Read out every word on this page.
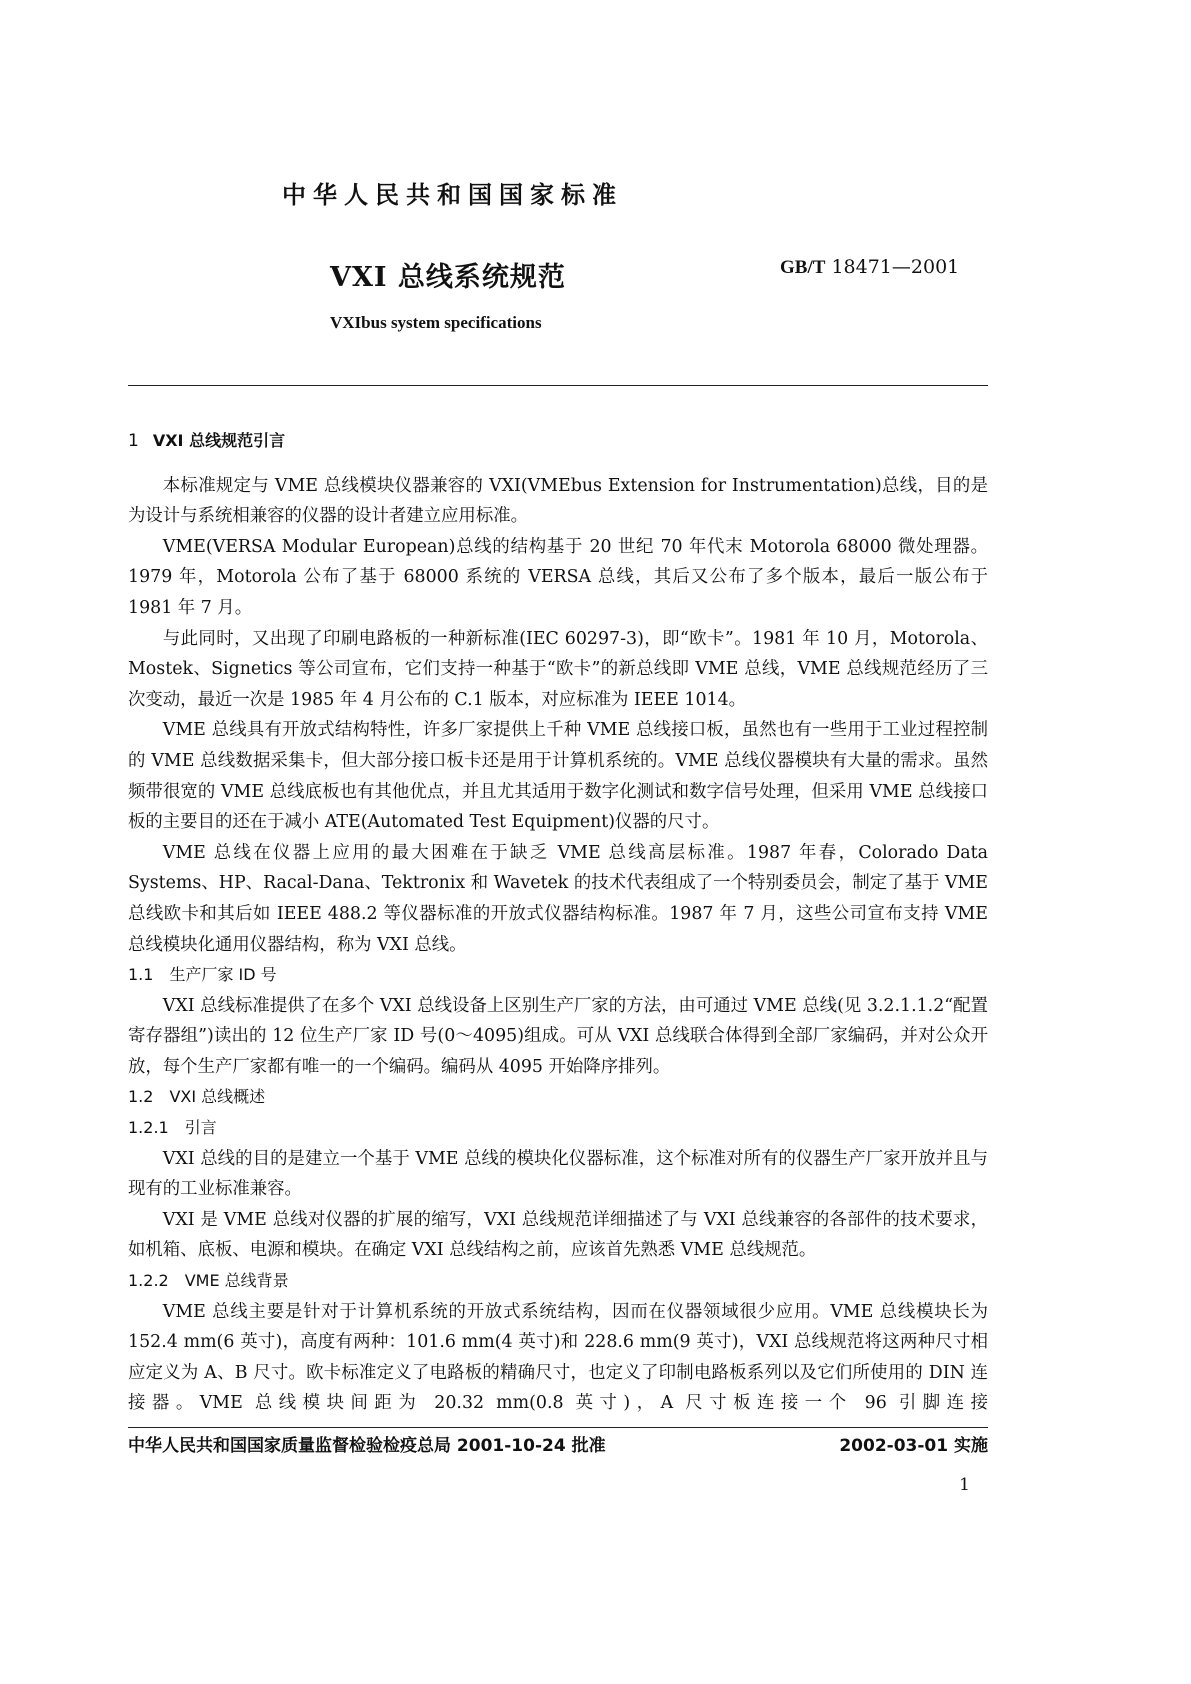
中华人民共和国国家标准
VXI 总线系统规范	GB/T 18471—2001
VXIbus system specifications
1 VXI 总线规范引言

本标准规定与 VME 总线模块仪器兼容的 VXI(VMEbus Extension for Instrumentation)总线，目的是为设计与系统相兼容的仪器的设计者建立应用标准。

VME(VERSA Modular European)总线的结构基于 20 世纪 70 年代末 Motorola 68000 微处理器。1979 年，Motorola 公布了基于 68000 系统的 VERSA 总线，其后又公布了多个版本，最后一版公布于 1981 年 7 月。

与此同时，又出现了印刷电路板的一种新标准(IEC 60297-3)，即“欧卡”。1981 年 10 月，Motorola、Mostek、Signetics 等公司宣布，它们支持一种基于“欧卡”的新总线即 VME 总线，VME 总线规范经历了三次变动，最近一次是 1985 年 4 月公布的 C.1 版本，对应标准为 IEEE 1014。

VME 总线具有开放式结构特性，许多厂家提供上千种 VME 总线接口板，虽然也有一些用于工业过程控制的 VME 总线数据采集卡，但大部分接口板卡还是用于计算机系统的。VME 总线仪器模块有大量的需求。虽然频带很宽的 VME 总线底板也有其他优点，并且尤其适用于数字化测试和数字信号处理，但采用 VME 总线接口板的主要目的还在于减小 ATE(Automated Test Equipment)仪器的尺寸。

VME 总线在仪器上应用的最大困难在于缺乏 VME 总线高层标准。1987 年春，Colorado Data Systems、HP、Racal-Dana、Tektronix 和 Wavetek 的技术代表组成了一个特别委员会，制定了基于 VME 总线欧卡和其后如 IEEE 488.2 等仪器标准的开放式仪器结构标准。1987 年 7 月，这些公司宣布支持 VME 总线模块化通用仪器结构，称为 VXI 总线。

1.1 生产厂家 ID 号

VXI 总线标准提供了在多个 VXI 总线设备上区别生产厂家的方法，由可通过 VME 总线(见 3.2.1.1.2“配置寄存器组”)读出的 12 位生产厂家 ID 号(0～4095)组成。可从 VXI 总线联合体得到全部厂家编码，并对公众开放，每个生产厂家都有唯一的一个编码。编码从 4095 开始降序排列。

1.2 VXI 总线概述
1.2.1 引言

VXI 总线的目的是建立一个基于 VME 总线的模块化仪器标准，这个标准对所有的仪器生产厂家开放并且与现有的工业标准兼容。

VXI 是 VME 总线对仪器的扩展的缩写，VXI 总线规范详细描述了与 VXI 总线兼容的各部件的技术要求，如机箱、底板、电源和模块。在确定 VXI 总线结构之前，应该首先熟悉 VME 总线规范。

1.2.2 VME 总线背景

VME 总线主要是针对于计算机系统的开放式系统结构，因而在仪器领域很少应用。VME 总线模块长为 152.4 mm(6 英寸)，高度有两种：101.6 mm(4 英寸)和 228.6 mm(9 英寸)，VXI 总线规范将这两种尺寸相应定义为 A、B 尺寸。欧卡标准定义了电路板的精确尺寸，也定义了印制电路板系列以及它们所使用的 DIN 连接器。VME 总线模块间距为 20.32 mm(0.8 英寸)，A 尺寸板连接一个 96 引脚连接

中华人民共和国国家质量监督检验检疫总局 2001-10-24 批准	2002-03-01 实施
1
